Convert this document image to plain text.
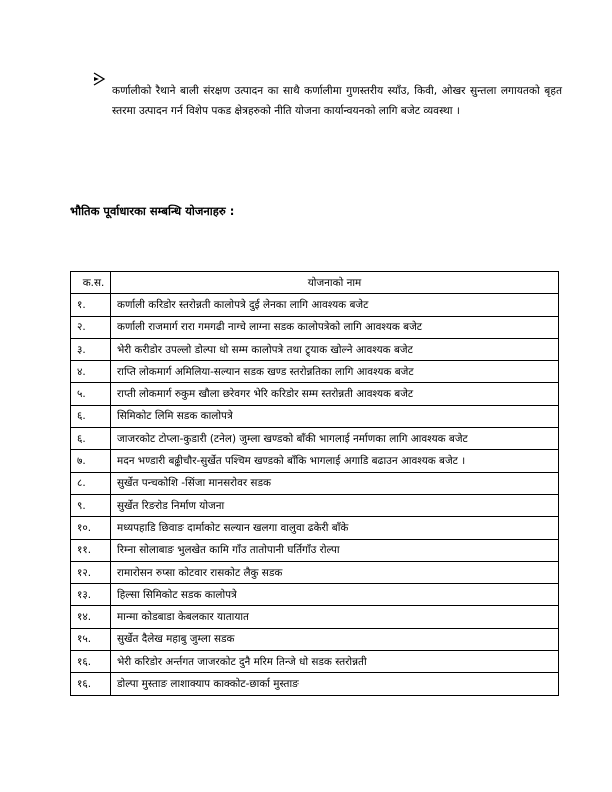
कर्णालीको रैथाने बाली संरक्षण उत्पादन का साथै कर्णालीमा गुणस्तरीय स्याँउ, किवी, ओखर सुन्तला लगायतको बृहत स्तरमा उत्पादन गर्न विशेप पकड क्षेत्रहरुको नीति योजना कार्यान्वयनको लागि बजेट व्यवस्था ।

भौतिक पूर्वाधारका सम्बन्धि योजनाहरु :
क.स.	योजनाको नाम
१.	कर्णाली करिडोर स्तरोन्नती कालोपत्रे दुई लेनका लागि आवश्यक बजेट
२.	कर्णाली राजमार्ग रारा गमगढी नाग्चे लाग्ना सडक कालोपत्रेको लागि आवश्यक बजेट
३.	भेरी करीडोर उपल्लो डोल्पा धो सम्म कालोपत्रे तथा ट्र्याक खोल्ने आवश्यक बजेट
४.	राप्ति लोकमार्ग अमिलिया-सल्यान सडक खण्ड स्तरोन्नतिका लागि आवश्यक बजेट
५.	राप्ती लोकमार्ग रुकुम खौला छरेवगर भेरि करिडोर सम्म स्तरोन्नती आवश्यक बजेट
६.	सिमिकोट लिमि सडक कालोपत्रे
६.	जाजरकोट टोप्ला-कुडारी (टनेल) जुम्ला खण्डको बाँकी भागलाई नर्माणका लागि आवश्यक बजेट
७.	मदन भण्डारी बढ्ढीचौर-सुर्खेत पश्चिम खण्डको बाँकि भागलाई अगाडि बढाउन आवश्यक बजेट ।
८.	सुर्खेत पन्चकोशि -सिंजा मानसरोवर सडक
९.	सुर्खेत रिङरोड निर्माण योजना
१०.	मध्यपहाडि छिवाङ दार्माकोट सल्यान खलगा वालुवा ढकेरी बाँके
११.	रिम्ना सोलाबाङ भुलखेत कामि गाँउ तातोपानी घर्तिगाँउ रोल्पा
१२.	रामारोसन रुप्सा कोटवार रासकोट लैकु सडक
१३.	हिल्सा सिमिकोट सडक कालोपत्रे
१४.	मान्मा कोडबाडा केबलकार यातायात
१५.	सुर्खेत दैलेख महाबु जुम्ला सडक
१६.	भेरी करिडोर अर्न्तगत जाजरकोट दुनै मरिम तिन्जे धो सडक स्तरोन्नती
१६.	डोल्पा मुस्ताङ लाशाक्याप काक्कोट-छार्का मुस्ताङ
